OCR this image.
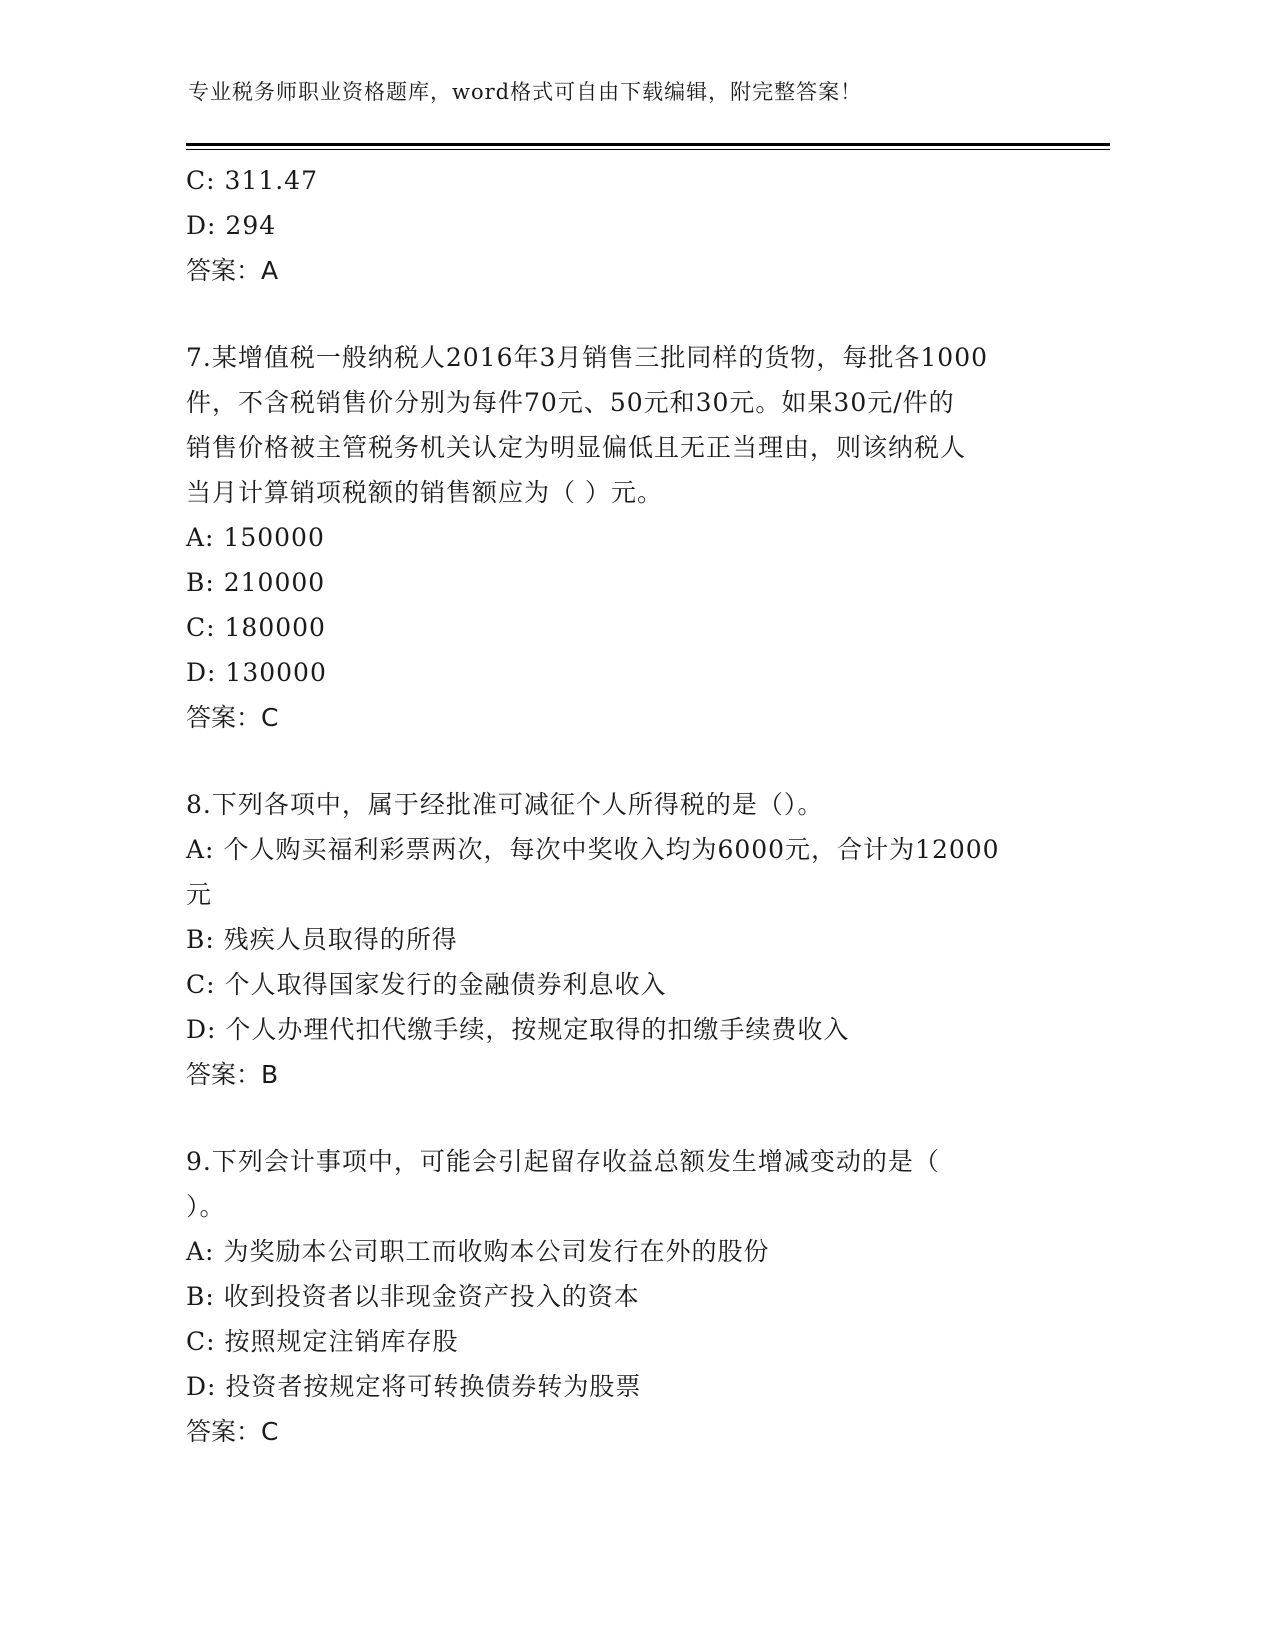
专业税务师职业资格题库，word格式可自由下载编辑，附完整答案！
C: 311.47
D: 294
答案：A
7.某增值税一般纳税人2016年3月销售三批同样的货物，每批各1000
件，不含税销售价分别为每件70元、50元和30元。如果30元/件的
销售价格被主管税务机关认定为明显偏低且无正当理由，则该纳税人
当月计算销项税额的销售额应为（ ）元。
A: 150000
B: 210000
C: 180000
D: 130000
答案：C
8.下列各项中，属于经批准可减征个人所得税的是（）。
A: 个人购买福利彩票两次，每次中奖收入均为6000元，合计为12000
元
B: 残疾人员取得的所得
C: 个人取得国家发行的金融债券利息收入
D: 个人办理代扣代缴手续，按规定取得的扣缴手续费收入
答案：B
9.下列会计事项中，可能会引起留存收益总额发生增减变动的是（
）。
A: 为奖励本公司职工而收购本公司发行在外的股份
B: 收到投资者以非现金资产投入的资本
C: 按照规定注销库存股
D: 投资者按规定将可转换债券转为股票
答案：C
